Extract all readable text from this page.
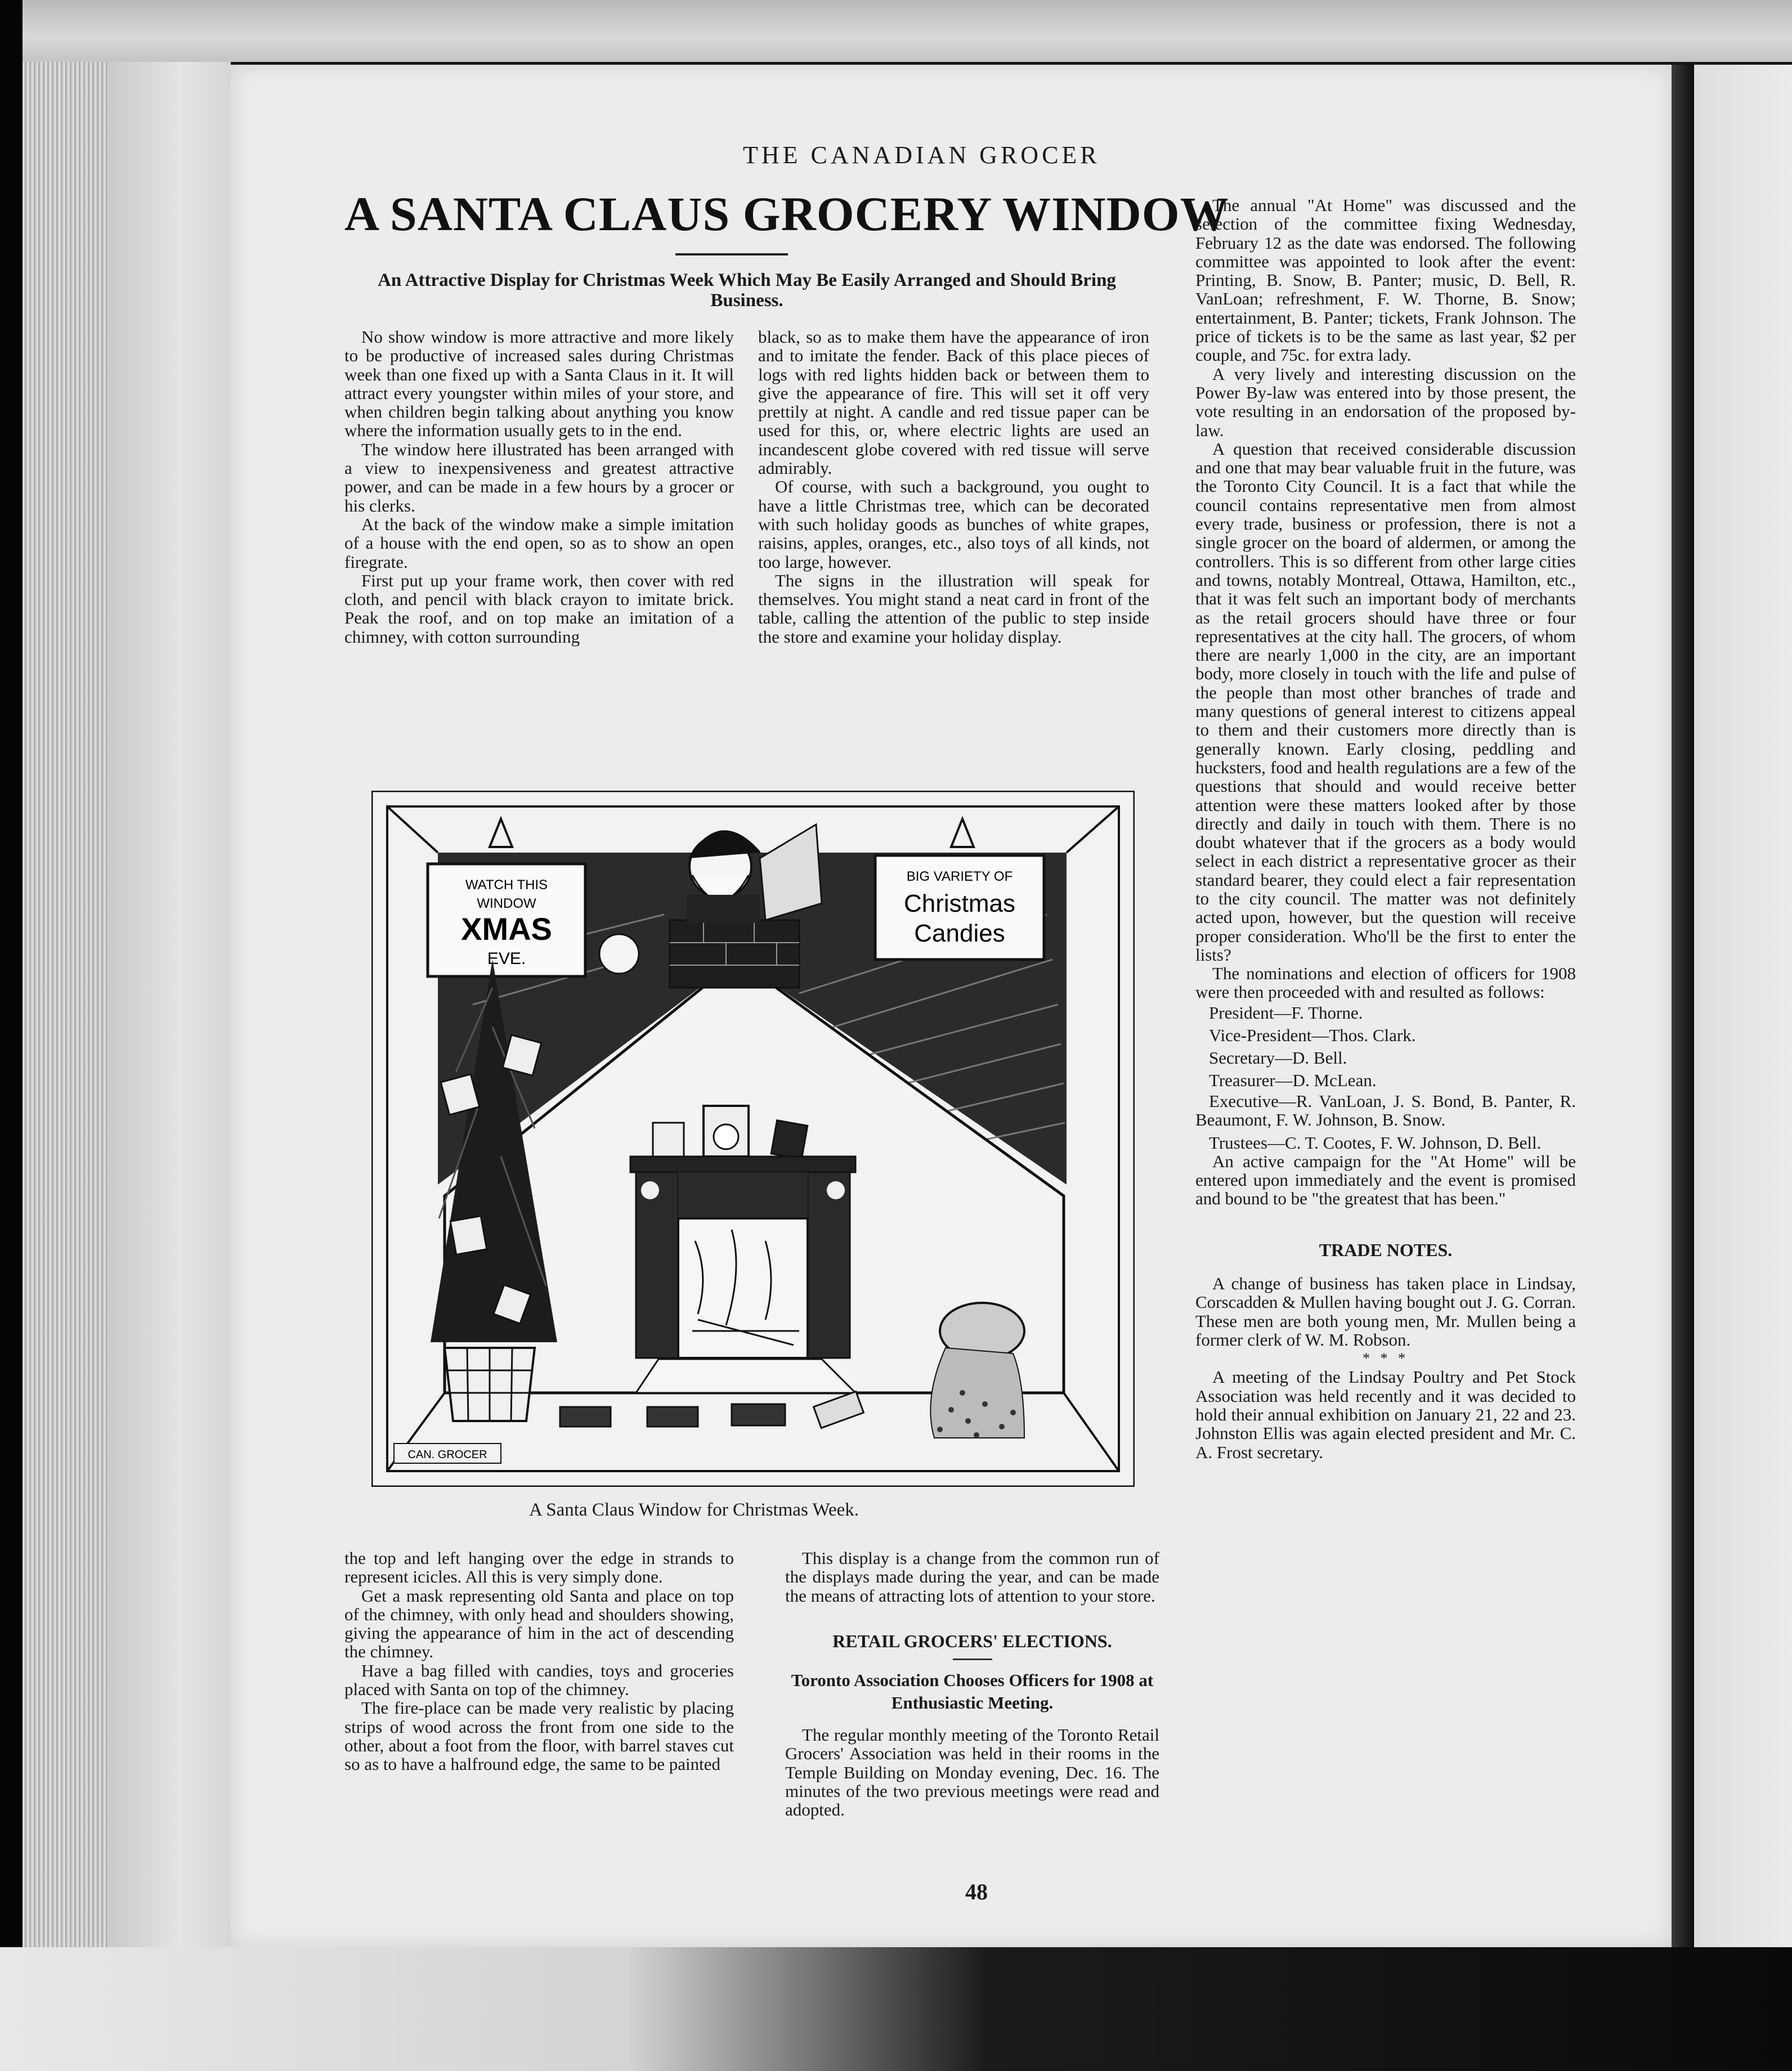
THE CANADIAN GROCER
A SANTA CLAUS GROCERY WINDOW
An Attractive Display for Christmas Week Which May Be Easily Arranged and Should Bring Business.

No show window is more attractive and more likely to be productive of increased sales during Christmas week than one fixed up with a Santa Claus in it. It will attract every youngster within miles of your store, and when children begin talking about anything you know where the information usually gets to in the end.

The window here illustrated has been arranged with a view to inexpensiveness and greatest attractive power, and can be made in a few hours by a grocer or his clerks.

At the back of the window make a simple imitation of a house with the end open, so as to show an open firegrate.

First put up your frame work, then cover with red cloth, and pencil with black crayon to imitate brick. Peak the roof, and on top make an imitation of a chimney, with cotton surrounding

black, so as to make them have the appearance of iron and to imitate the fender. Back of this place pieces of logs with red lights hidden back or between them to give the appearance of fire. This will set it off very prettily at night. A candle and red tissue paper can be used for this, or, where electric lights are used an incandescent globe covered with red tissue will serve admirably.

Of course, with such a background, you ought to have a little Christmas tree, which can be decorated with such holiday goods as bunches of white grapes, raisins, apples, oranges, etc., also toys of all kinds, not too large, however.

The signs in the illustration will speak for themselves. You might stand a neat card in front of the table, calling the attention of the public to step inside the store and examine your holiday display.

WATCH THIS
WINDOW
XMAS
EVE.
BIG VARIETY OF
Christmas
Candies
CAN. GROCER
A Santa Claus Window for Christmas Week.

the top and left hanging over the edge in strands to represent icicles. All this is very simply done.

Get a mask representing old Santa and place on top of the chimney, with only head and shoulders showing, giving the appearance of him in the act of descending the chimney.

Have a bag filled with candies, toys and groceries placed with Santa on top of the chimney.

The fire-place can be made very realistic by placing strips of wood across the front from one side to the other, about a foot from the floor, with barrel staves cut so as to have a halfround edge, the same to be painted

This display is a change from the common run of the displays made during the year, and can be made the means of attracting lots of attention to your store.

RETAIL GROCERS' ELECTIONS.

Toronto Association Chooses Officers for 1908 at Enthusiastic Meeting.

The regular monthly meeting of the Toronto Retail Grocers' Association was held in their rooms in the Temple Building on Monday evening, Dec. 16. The minutes of the two previous meetings were read and adopted.

The annual "At Home" was discussed and the selection of the committee fixing Wednesday, February 12 as the date was endorsed. The following committee was appointed to look after the event: Printing, B. Snow, B. Panter; music, D. Bell, R. VanLoan; refreshment, F. W. Thorne, B. Snow; entertainment, B. Panter; tickets, Frank Johnson. The price of tickets is to be the same as last year, $2 per couple, and 75c. for extra lady.

A very lively and interesting discussion on the Power By-law was entered into by those present, the vote resulting in an endorsation of the proposed by-law.

A question that received considerable discussion and one that may bear valuable fruit in the future, was the Toronto City Council. It is a fact that while the council contains representative men from almost every trade, business or profession, there is not a single grocer on the board of aldermen, or among the controllers. This is so different from other large cities and towns, notably Montreal, Ottawa, Hamilton, etc., that it was felt such an important body of merchants as the retail grocers should have three or four representatives at the city hall. The grocers, of whom there are nearly 1,000 in the city, are an important body, more closely in touch with the life and pulse of the people than most other branches of trade and many questions of general interest to citizens appeal to them and their customers more directly than is generally known. Early closing, peddling and hucksters, food and health regulations are a few of the questions that should and would receive better attention were these matters looked after by those directly and daily in touch with them. There is no doubt whatever that if the grocers as a body would select in each district a representative grocer as their standard bearer, they could elect a fair representation to the city council. The matter was not definitely acted upon, however, but the question will receive proper consideration. Who'll be the first to enter the lists?

The nominations and election of officers for 1908 were then proceeded with and resulted as follows:

President—F. Thorne.

Vice-President—Thos. Clark.

Secretary—D. Bell.

Treasurer—D. McLean.

Executive—R. VanLoan, J. S. Bond, B. Panter, R. Beaumont, F. W. Johnson, B. Snow.

Trustees—C. T. Cootes, F. W. Johnson, D. Bell.

An active campaign for the "At Home" will be entered upon immediately and the event is promised and bound to be "the greatest that has been."

TRADE NOTES.

A change of business has taken place in Lindsay, Corscadden & Mullen having bought out J. G. Corran. These men are both young men, Mr. Mullen being a former clerk of W. M. Robson.

* * *

A meeting of the Lindsay Poultry and Pet Stock Association was held recently and it was decided to hold their annual exhibition on January 21, 22 and 23. Johnston Ellis was again elected president and Mr. C. A. Frost secretary.

48
